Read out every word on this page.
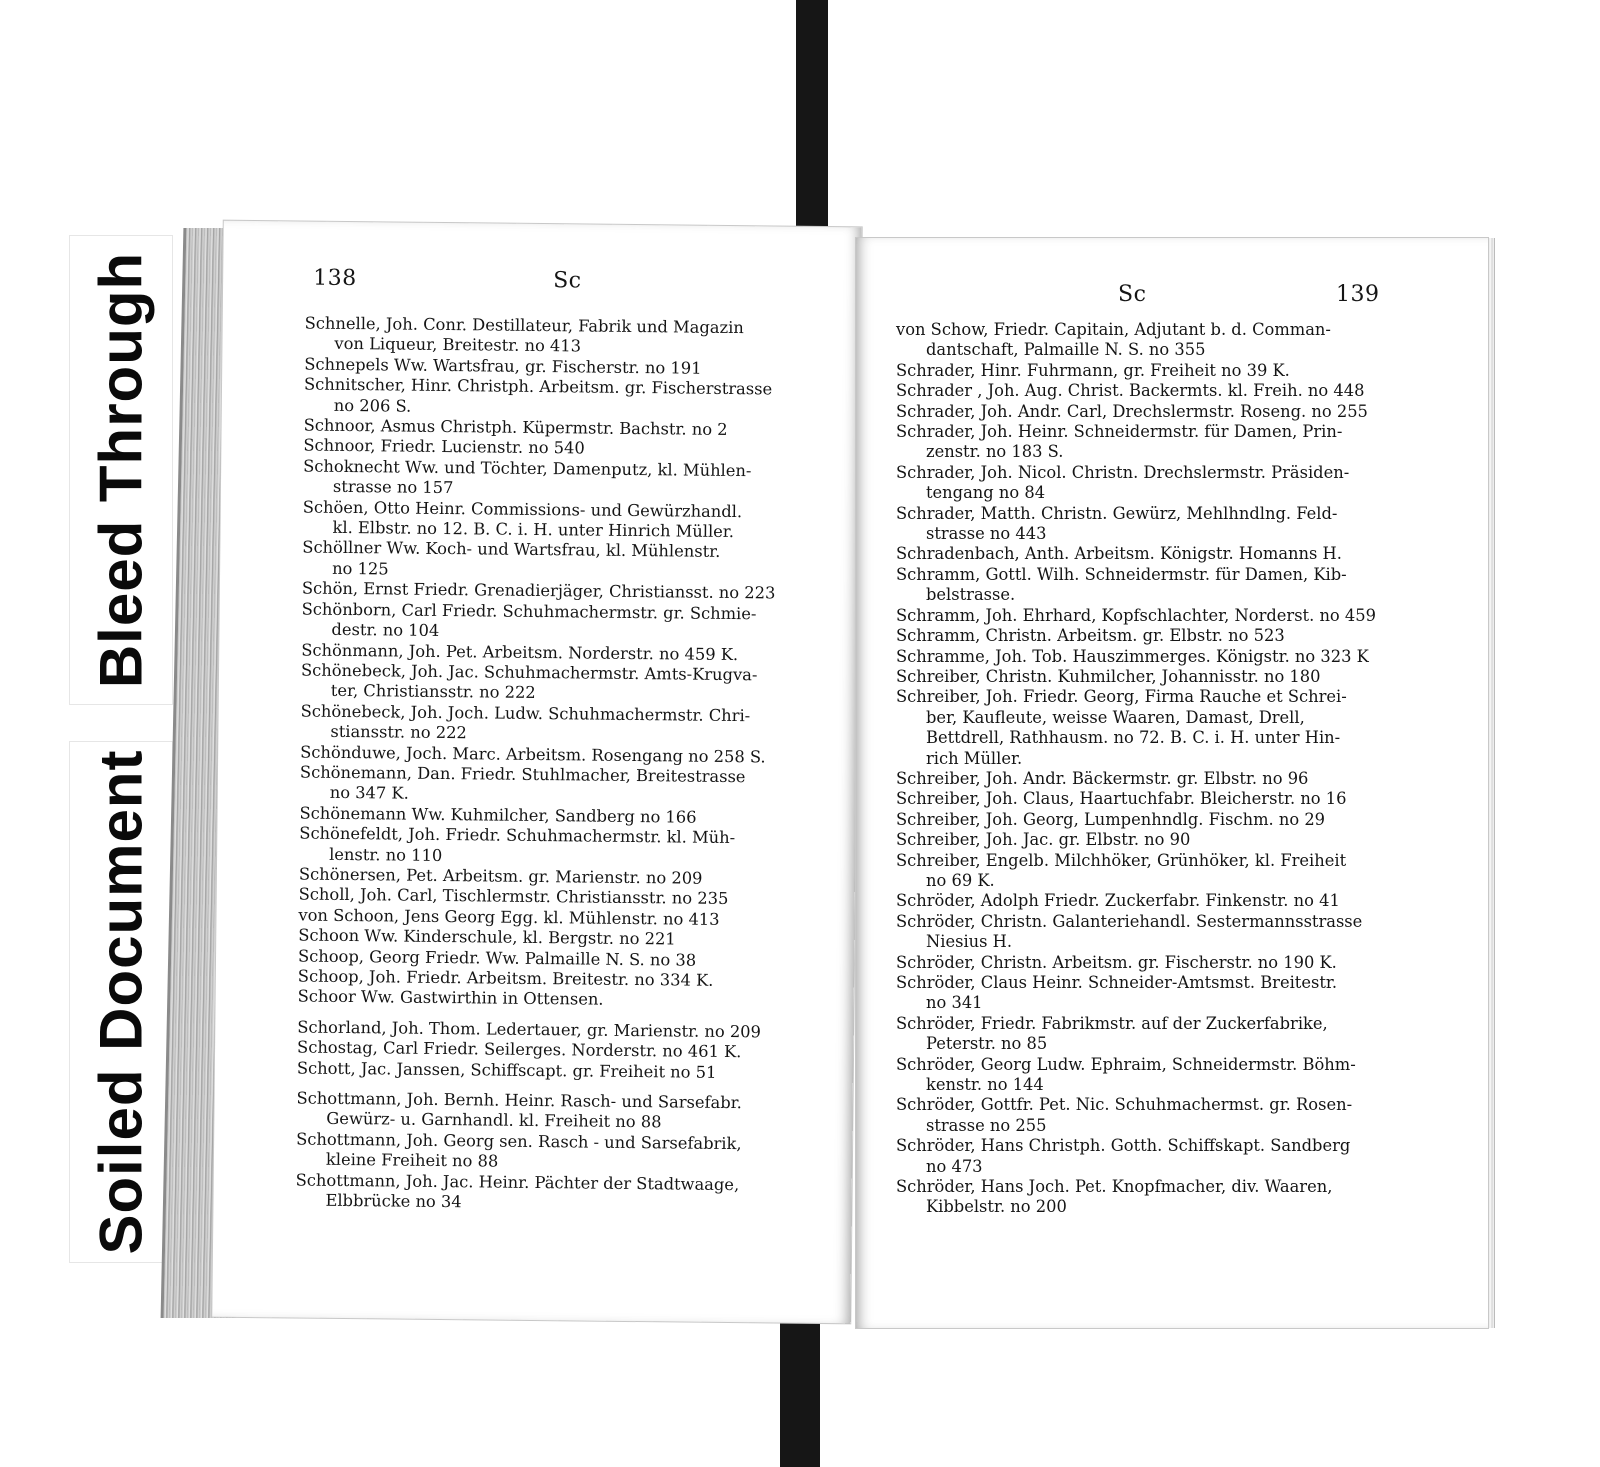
Bleed Through
Soiled Document
138	Sc
Schnelle, Joh. Conr. Destillateur, Fabrik und Magazin
von Liqueur, Breitestr. no 413
Schnepels Ww. Wartsfrau, gr. Fischerstr. no 191
Schnitscher, Hinr. Christph. Arbeitsm. gr. Fischerstrasse
no 206 S.
Schnoor, Asmus Christph. Küpermstr. Bachstr. no 2
Schnoor, Friedr. Lucienstr. no 540
Schoknecht Ww. und Töchter, Damenputz, kl. Mühlen-
strasse no 157
Schöen, Otto Heinr. Commissions- und Gewürzhandl.
kl. Elbstr. no 12. B. C. i. H. unter Hinrich Müller.
Schöllner Ww. Koch- und Wartsfrau, kl. Mühlenstr.
no 125
Schön, Ernst Friedr. Grenadierjäger, Christiansst. no 223
Schönborn, Carl Friedr. Schuhmachermstr. gr. Schmie-
destr. no 104
Schönmann, Joh. Pet. Arbeitsm. Norderstr. no 459 K.
Schönebeck, Joh. Jac. Schuhmachermstr. Amts-Krugva-
ter, Christiansstr. no 222
Schönebeck, Joh. Joch. Ludw. Schuhmachermstr. Chri-
stiansstr. no 222
Schönduwe, Joch. Marc. Arbeitsm. Rosengang no 258 S.
Schönemann, Dan. Friedr. Stuhlmacher, Breitestrasse
no 347 K.
Schönemann Ww. Kuhmilcher, Sandberg no 166
Schönefeldt, Joh. Friedr. Schuhmachermstr. kl. Müh-
lenstr. no 110
Schönersen, Pet. Arbeitsm. gr. Marienstr. no 209
Scholl, Joh. Carl, Tischlermstr. Christiansstr. no 235
von Schoon, Jens Georg Egg. kl. Mühlenstr. no 413
Schoon Ww. Kinderschule, kl. Bergstr. no 221
Schoop, Georg Friedr. Ww. Palmaille N. S. no 38
Schoop, Joh. Friedr. Arbeitsm. Breitestr. no 334 K.
Schoor Ww. Gastwirthin in Ottensen.
Schorland, Joh. Thom. Ledertauer, gr. Marienstr. no 209
Schostag, Carl Friedr. Seilerges. Norderstr. no 461 K.
Schott, Jac. Janssen, Schiffscapt. gr. Freiheit no 51
Schottmann, Joh. Bernh. Heinr. Rasch- und Sarsefabr.
Gewürz- u. Garnhandl. kl. Freiheit no 88
Schottmann, Joh. Georg sen. Rasch - und Sarsefabrik,
kleine Freiheit no 88
Schottmann, Joh. Jac. Heinr. Pächter der Stadtwaage,
Elbbrücke no 34
Sc	139
von Schow, Friedr. Capitain, Adjutant b. d. Comman-
dantschaft, Palmaille N. S. no 355
Schrader, Hinr. Fuhrmann, gr. Freiheit no 39 K.
Schrader , Joh. Aug. Christ. Backermts. kl. Freih. no 448
Schrader, Joh. Andr. Carl, Drechslermstr. Roseng. no 255
Schrader, Joh. Heinr. Schneidermstr. für Damen, Prin-
zenstr. no 183 S.
Schrader, Joh. Nicol. Christn. Drechslermstr. Präsiden-
tengang no 84
Schrader, Matth. Christn. Gewürz, Mehlhndlng. Feld-
strasse no 443
Schradenbach, Anth. Arbeitsm. Königstr. Homanns H.
Schramm, Gottl. Wilh. Schneidermstr. für Damen, Kib-
belstrasse.
Schramm, Joh. Ehrhard, Kopfschlachter, Norderst. no 459
Schramm, Christn. Arbeitsm. gr. Elbstr. no 523
Schramme, Joh. Tob. Hauszimmerges. Königstr. no 323 K
Schreiber, Christn. Kuhmilcher, Johannisstr. no 180
Schreiber, Joh. Friedr. Georg, Firma Rauche et Schrei-
ber, Kaufleute, weisse Waaren, Damast, Drell,
Bettdrell, Rathhausm. no 72. B. C. i. H. unter Hin-
rich Müller.
Schreiber, Joh. Andr. Bäckermstr. gr. Elbstr. no 96
Schreiber, Joh. Claus, Haartuchfabr. Bleicherstr. no 16
Schreiber, Joh. Georg, Lumpenhndlg. Fischm. no 29
Schreiber, Joh. Jac. gr. Elbstr. no 90
Schreiber, Engelb. Milchhöker, Grünhöker, kl. Freiheit
no 69 K.
Schröder, Adolph Friedr. Zuckerfabr. Finkenstr. no 41
Schröder, Christn. Galanteriehandl. Sestermannsstrasse
Niesius H.
Schröder, Christn. Arbeitsm. gr. Fischerstr. no 190 K.
Schröder, Claus Heinr. Schneider-Amtsmst. Breitestr.
no 341
Schröder, Friedr. Fabrikmstr. auf der Zuckerfabrike,
Peterstr. no 85
Schröder, Georg Ludw. Ephraim, Schneidermstr. Böhm-
kenstr. no 144
Schröder, Gottfr. Pet. Nic. Schuhmachermst. gr. Rosen-
strasse no 255
Schröder, Hans Christph. Gotth. Schiffskapt. Sandberg
no 473
Schröder, Hans Joch. Pet. Knopfmacher, div. Waaren,
Kibbelstr. no 200
